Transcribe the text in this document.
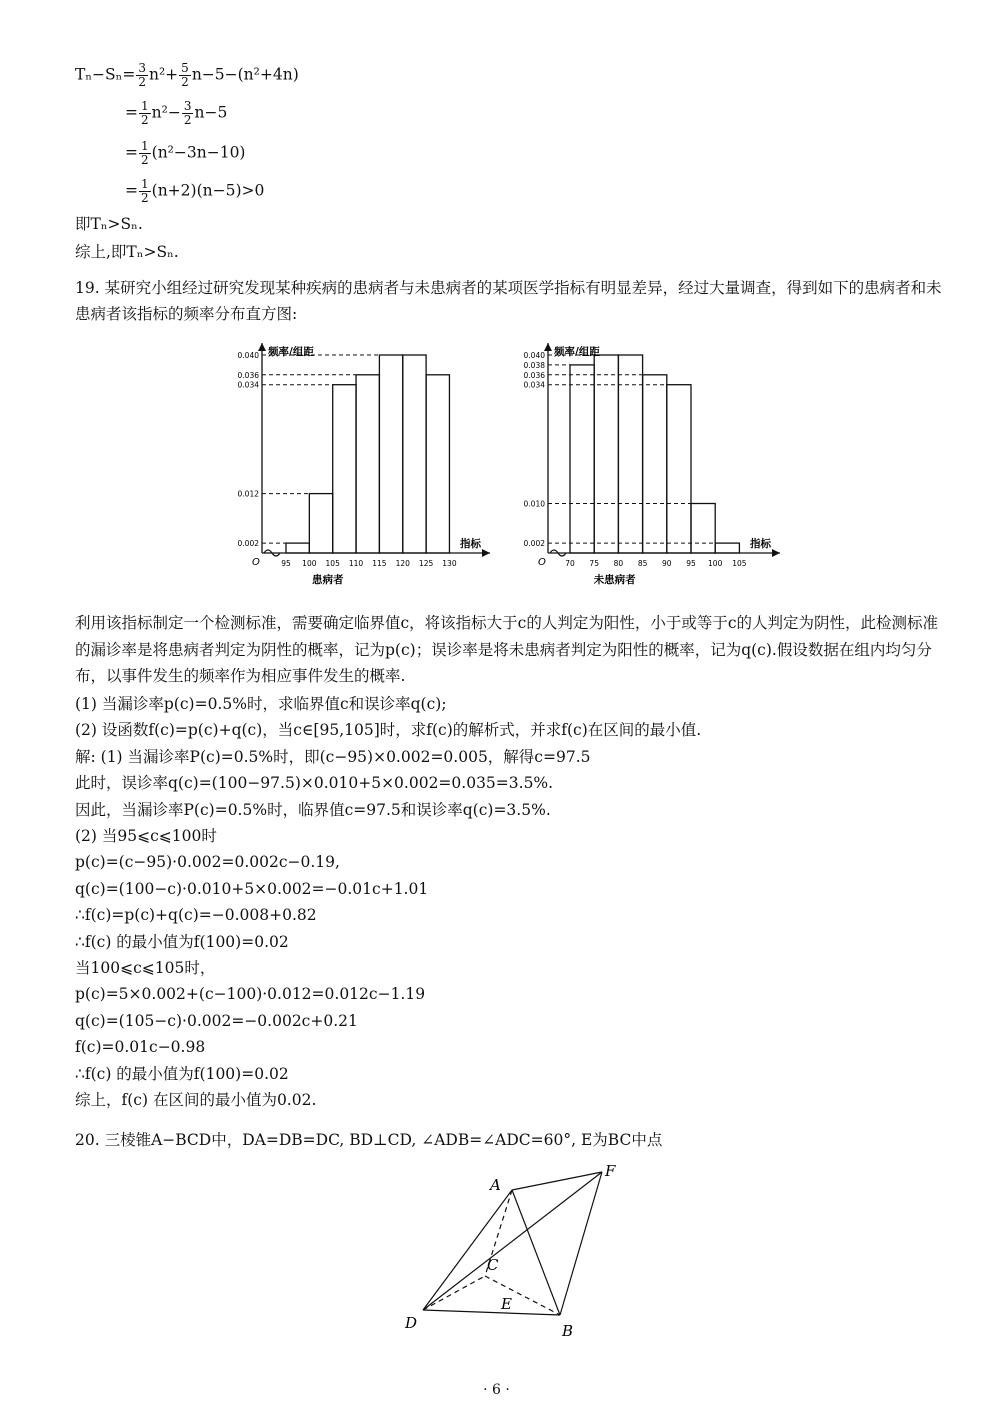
$T_n-S_n= \frac{3}{2} n^2+ \frac{5}{2} n-5-(n^2+4n)$
= $\frac{1}{2} n^2- \frac{3}{2} n-5$
= $\frac{1}{2} (n^2-3n-10)$
= $\frac{1}{2} (n+2)(n-5)>0$
即Tₙ>Sₙ.
综上,即Tₙ>Sₙ.
19. 某研究小组经过研究发现某种疾病的患病者与未患病者的某项医学指标有明显差异，经过大量调查，得到如下的患病者和未患病者该指标的频率分布直方图:
0.040
0.036
0.034
0.012
0.002
95 100 105 110 115 120 125 130
频率/组距
指标
O
患病者
0.040
0.038
0.036
0.034
0.010
0.002
70 75 80 85 90 95 100 105
频率/组距
指标
O
未患病者
利用该指标制定一个检测标准，需要确定临界值c，将该指标大于c的人判定为阳性，小于或等于c的人判定为阴性，此检测标准的漏诊率是将患病者判定为阴性的概率，记为p(c)；误诊率是将未患病者判定为阳性的概率，记为q(c).假设数据在组内均匀分布，以事件发生的频率作为相应事件发生的概率.
(1) 当漏诊率p(c)=0.5%时，求临界值c和误诊率q(c);
(2) 设函数f(c)=p(c)+q(c)，当c∈[95,105]时，求f(c)的解析式，并求f(c)在区间的最小值.
解: (1) 当漏诊率P(c)=0.5%时，即(c−95)×0.002=0.005，解得c=97.5
此时，误诊率q(c)=(100−97.5)×0.010+5×0.002=0.035=3.5%.
因此，当漏诊率P(c)=0.5%时，临界值c=97.5和误诊率q(c)=3.5%.
(2) 当95⩽c⩽100时
p(c)=(c−95)·0.002=0.002c−0.19,
q(c)=(100−c)·0.010+5×0.002=−0.01c+1.01
∴f(c)=p(c)+q(c)=−0.008+0.82
∴f(c) 的最小值为f(100)=0.02
当100⩽c⩽105时，
p(c)=5×0.002+(c−100)·0.012=0.012c−1.19
q(c)=(105−c)·0.002=−0.002c+0.21
f(c)=0.01c−0.98
∴f(c) 的最小值为f(100)=0.02
综上，f(c) 在区间的最小值为0.02.
20. 三棱锥A−BCD中，DA=DB=DC, BD⊥CD, ∠ADB=∠ADC=60°, E为BC中点
A
F
C
E
D	B
· 6 ·
